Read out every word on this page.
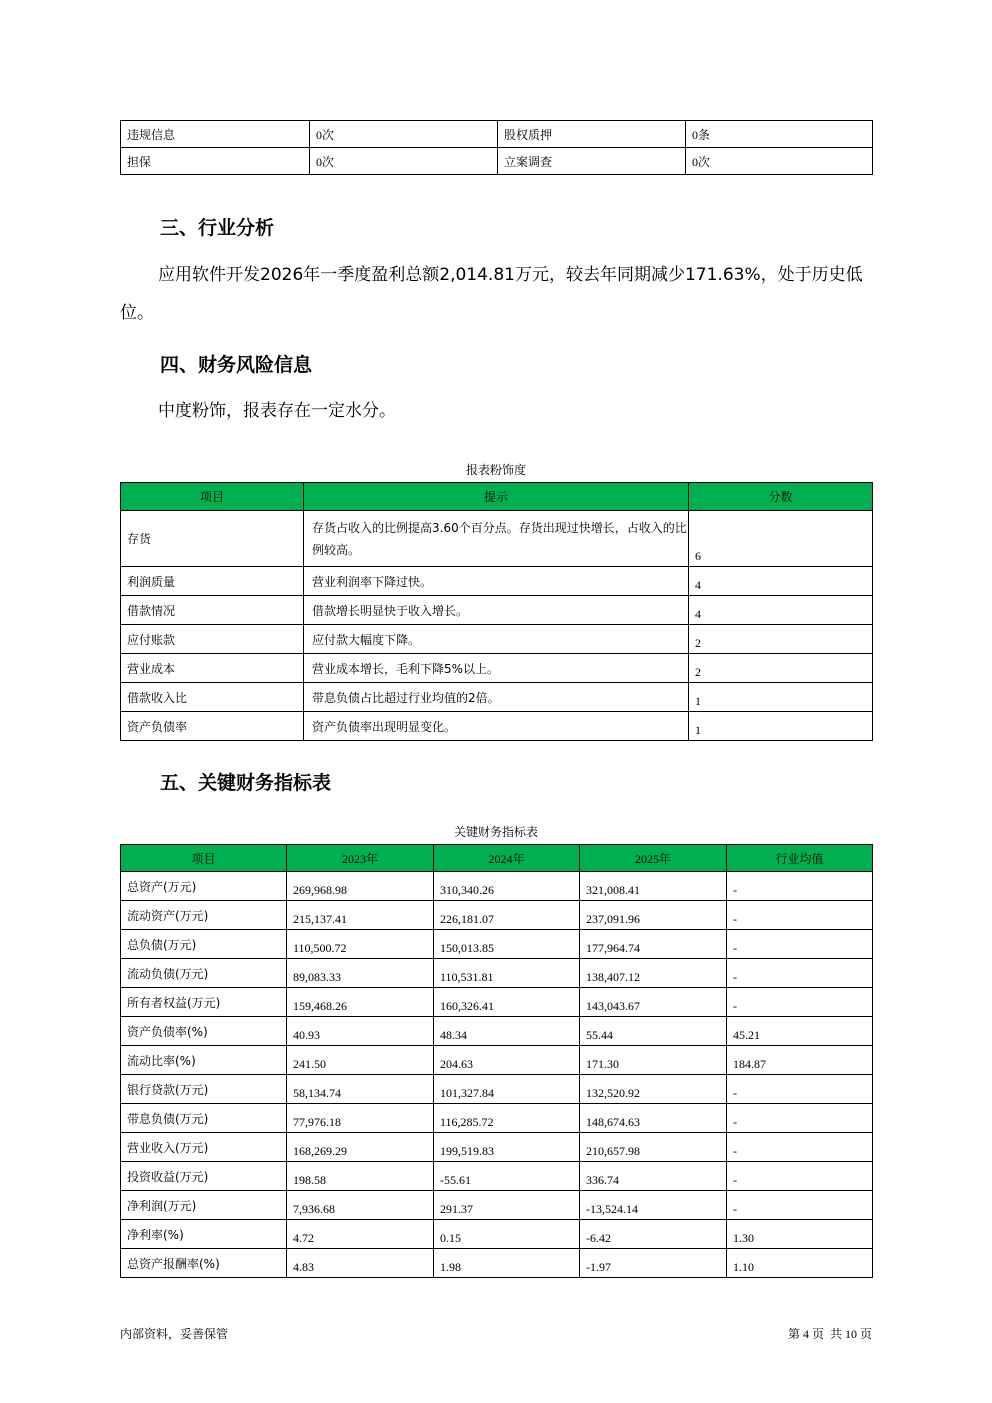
违规信息	0次	股权质押	0条
担保	0次	立案调查	0次
三、行业分析

应用软件开发2026年一季度盈利总额2,014.81万元，较去年同期减少171.63%，处于历史低位。

四、财务风险信息

中度粉饰，报表存在一定水分。

报表粉饰度
项目	提示	分数
存货	存货占收入的比例提高3.60个百分点。存货出现过快增长，占收入的比例较高。	6
利润质量	营业利润率下降过快。	4
借款情况	借款增长明显快于收入增长。	4
应付账款	应付款大幅度下降。	2
营业成本	营业成本增长，毛利下降5%以上。	2
借款收入比	带息负债占比超过行业均值的2倍。	1
资产负债率	资产负债率出现明显变化。	1
五、关键财务指标表
关键财务指标表
项目	2023年	2024年	2025年	行业均值
总资产(万元)	269,968.98	310,340.26	321,008.41	-
流动资产(万元)	215,137.41	226,181.07	237,091.96	-
总负债(万元)	110,500.72	150,013.85	177,964.74	-
流动负债(万元)	89,083.33	110,531.81	138,407.12	-
所有者权益(万元)	159,468.26	160,326.41	143,043.67	-
资产负债率(%)	40.93	48.34	55.44	45.21
流动比率(%)	241.50	204.63	171.30	184.87
银行贷款(万元)	58,134.74	101,327.84	132,520.92	-
带息负债(万元)	77,976.18	116,285.72	148,674.63	-
营业收入(万元)	168,269.29	199,519.83	210,657.98	-
投资收益(万元)	198.58	-55.61	336.74	-
净利润(万元)	7,936.68	291.37	-13,524.14	-
净利率(%)	4.72	0.15	-6.42	1.30
总资产报酬率(%)	4.83	1.98	-1.97	1.10
内部资料，妥善保管	第 4 页  共 10 页
